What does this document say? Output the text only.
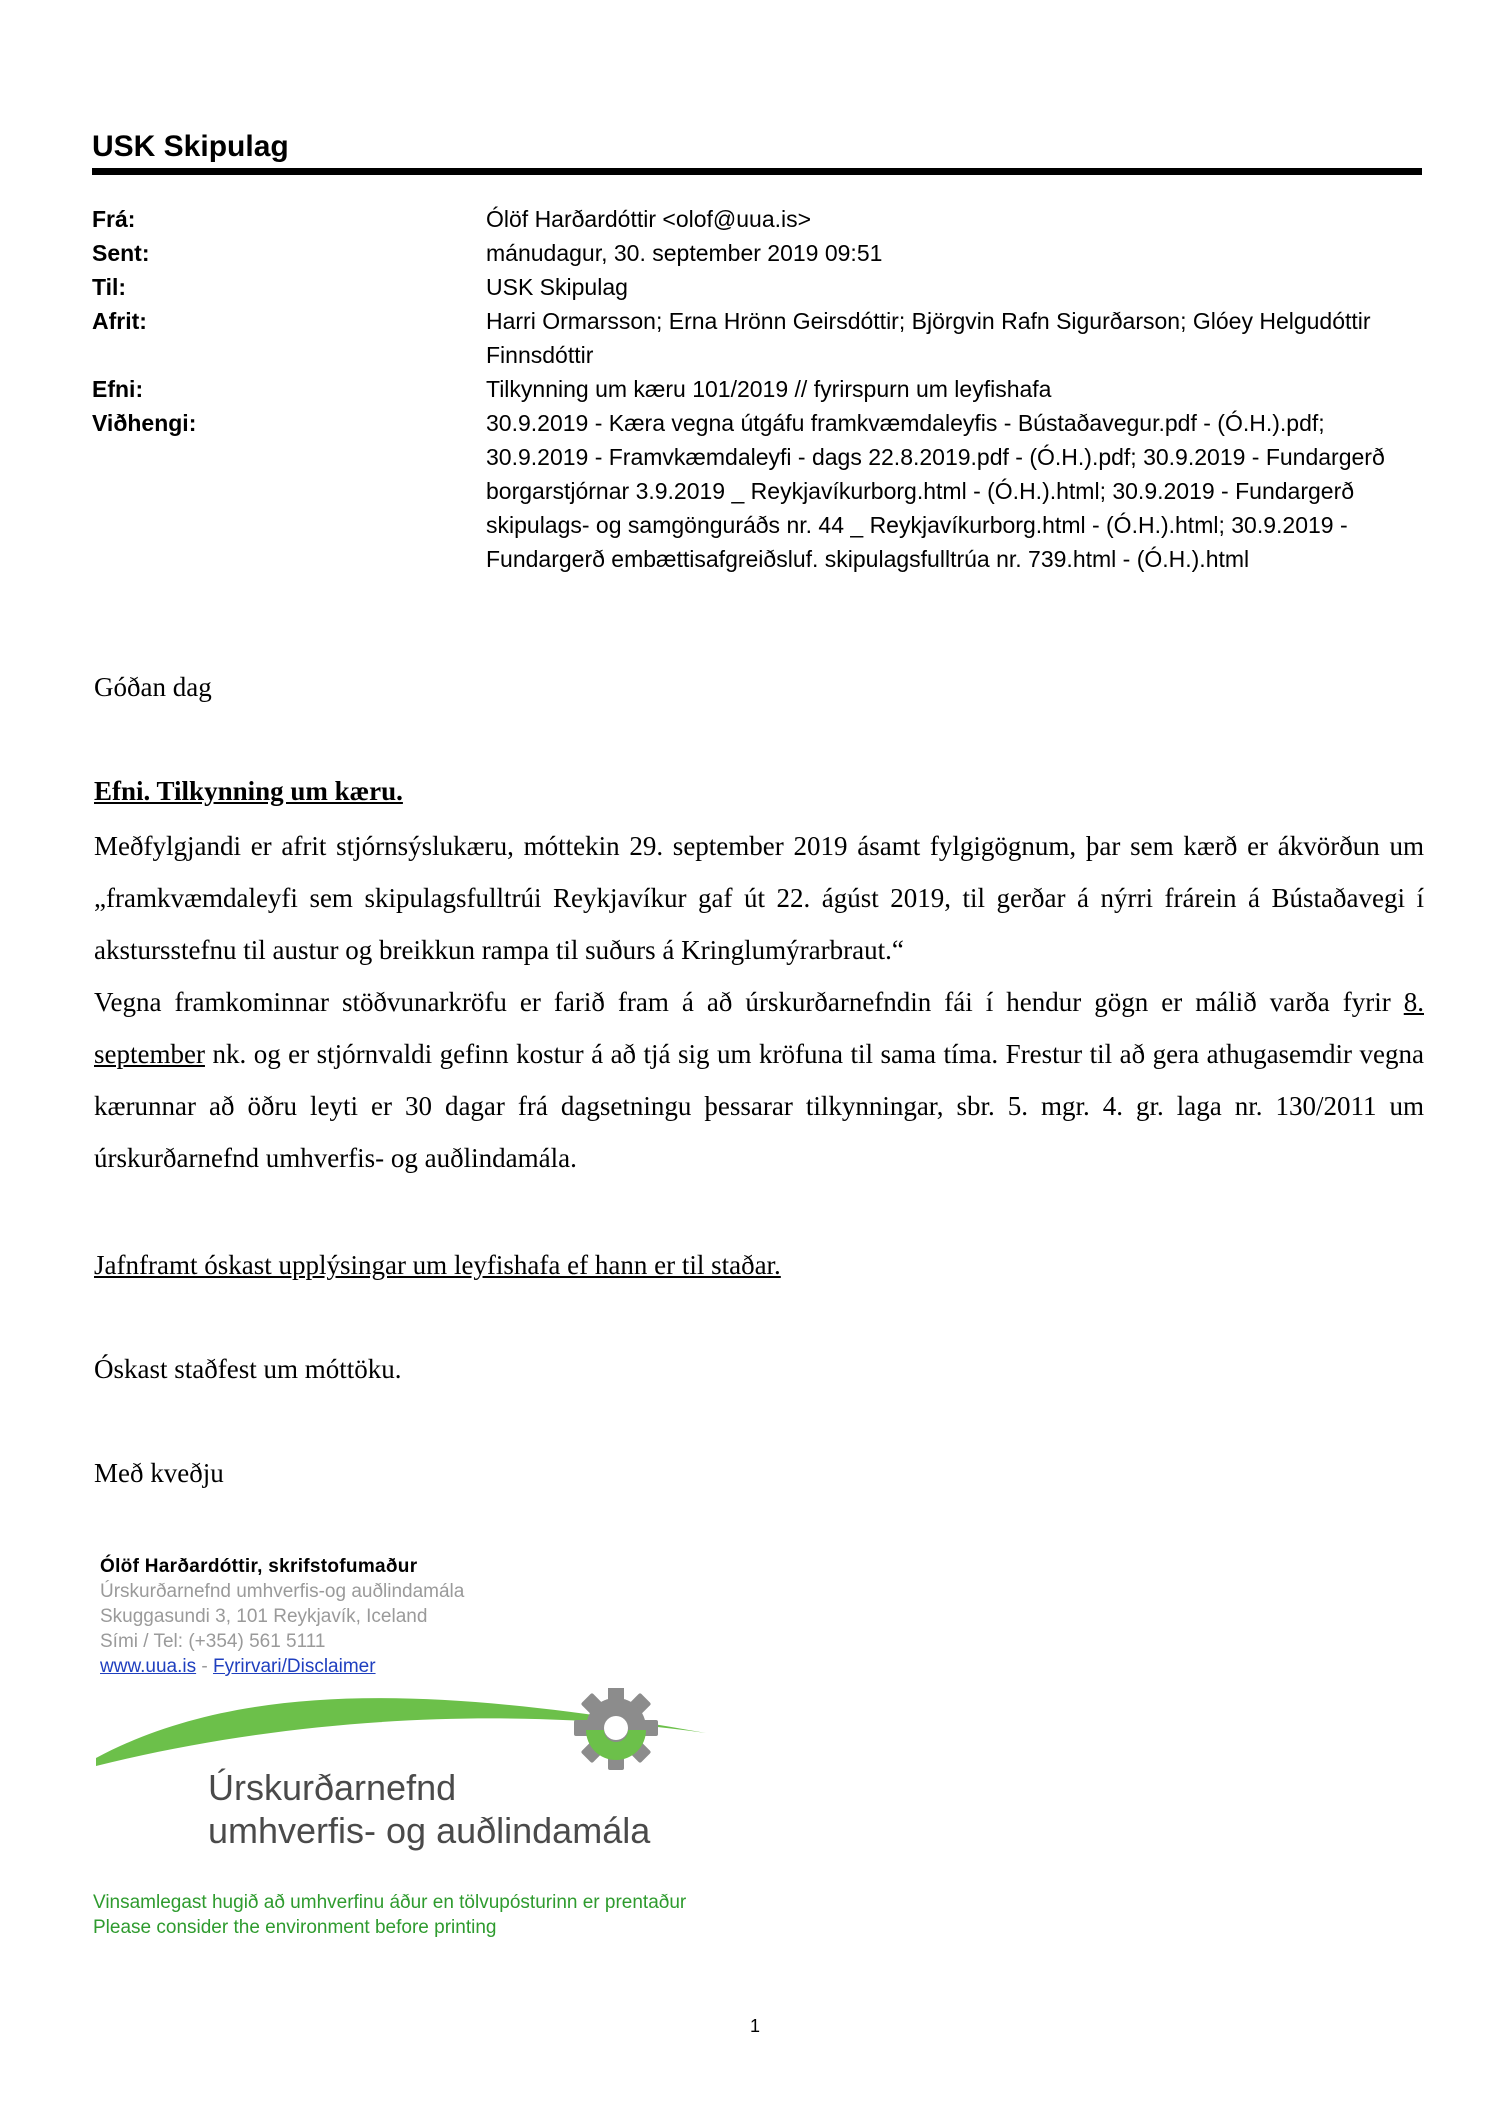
USK Skipulag
Frá:	Ólöf Harðardóttir <olof@uua.is>
Sent:	mánudagur, 30. september 2019 09:51
Til:	USK Skipulag
Afrit:	Harri Ormarsson; Erna Hrönn Geirsdóttir; Björgvin Rafn Sigurðarson; Glóey Helgudóttir Finnsdóttir
Efni:	Tilkynning um kæru 101/2019 // fyrirspurn um leyfishafa
Viðhengi:	30.9.2019 - Kæra vegna útgáfu framkvæmdaleyfis - Bústaðavegur.pdf - (Ó.H.).pdf; 30.9.2019 - Framvkæmdaleyfi - dags 22.8.2019.pdf - (Ó.H.).pdf; 30.9.2019 - Fundargerð borgarstjórnar 3.9.2019 _ Reykjavíkurborg.html - (Ó.H.).html; 30.9.2019 - Fundargerð skipulags- og samgönguráðs nr. 44 _ Reykjavíkurborg.html - (Ó.H.).html; 30.9.2019 - Fundargerð embættisafgreiðsluf. skipulagsfulltrúa nr. 739.html - (Ó.H.).html
Góðan dag
Efni. Tilkynning um kæru.
Meðfylgjandi er afrit stjórnsýslukæru, móttekin 29. september 2019 ásamt fylgigögnum, þar sem kærð er ákvörðun um „framkvæmdaleyfi sem skipulagsfulltrúi Reykjavíkur gaf út 22. ágúst 2019, til gerðar á nýrri frárein á Bústaðavegi í akstursstefnu til austur og breikkun rampa til suðurs á Kringlumýrarbraut.“
Vegna framkominnar stöðvunarkröfu er farið fram á að úrskurðarnefndin fái í hendur gögn er málið varða fyrir 8. september nk. og er stjórnvaldi gefinn kostur á að tjá sig um kröfuna til sama tíma. Frestur til að gera athugasemdir vegna kærunnar að öðru leyti er 30 dagar frá dagsetningu þessarar tilkynningar, sbr. 5. mgr. 4. gr. laga nr. 130/2011 um úrskurðarnefnd umhverfis- og auðlindamála.
Jafnframt óskast upplýsingar um leyfishafa ef hann er til staðar.
Óskast staðfest um móttöku.
Með kveðju
Ólöf Harðardóttir, skrifstofumaður
Úrskurðarnefnd umhverfis-og auðlindamála
Skuggasundi 3, 101 Reykjavík, Iceland
Sími / Tel: (+354) 561 5111
www.uua.is - Fyrirvari/Disclaimer
Úrskurðarnefnd
umhverfis- og auðlindamála
Vinsamlegast hugið að umhverfinu áður en tölvupósturinn er prentaður
Please consider the environment before printing
1
